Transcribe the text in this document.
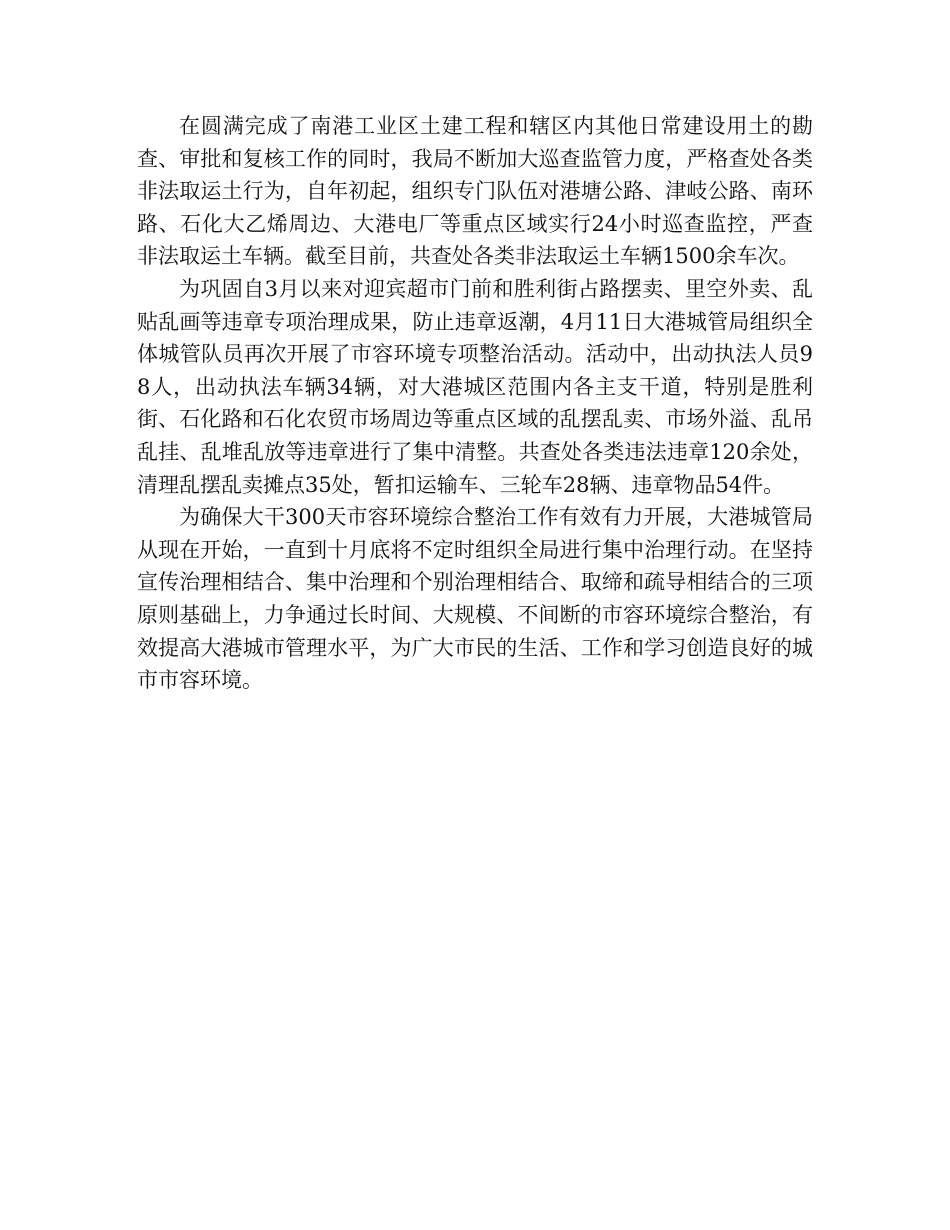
在圆满完成了南港工业区土建工程和辖区内其他日常建设用土的勘查、审批和复核工作的同时，我局不断加大巡查监管力度，严格查处各类非法取运土行为，自年初起，组织专门队伍对港塘公路、津岐公路、南环路、石化大乙烯周边、大港电厂等重点区域实行24小时巡查监控，严查非法取运土车辆。截至目前，共查处各类非法取运土车辆1500余车次。

为巩固自3月以来对迎宾超市门前和胜利街占路摆卖、里空外卖、乱贴乱画等违章专项治理成果，防止违章返潮，4月11日大港城管局组织全体城管队员再次开展了市容环境专项整治活动。活动中，出动执法人员98人，出动执法车辆34辆，对大港城区范围内各主支干道，特别是胜利街、石化路和石化农贸市场周边等重点区域的乱摆乱卖、市场外溢、乱吊乱挂、乱堆乱放等违章进行了集中清整。共查处各类违法违章120余处，清理乱摆乱卖摊点35处，暂扣运输车、三轮车28辆、违章物品54件。

为确保大干300天市容环境综合整治工作有效有力开展，大港城管局从现在开始，一直到十月底将不定时组织全局进行集中治理行动。在坚持宣传治理相结合、集中治理和个别治理相结合、取缔和疏导相结合的三项原则基础上，力争通过长时间、大规模、不间断的市容环境综合整治，有效提高大港城市管理水平，为广大市民的生活、工作和学习创造良好的城市市容环境。
